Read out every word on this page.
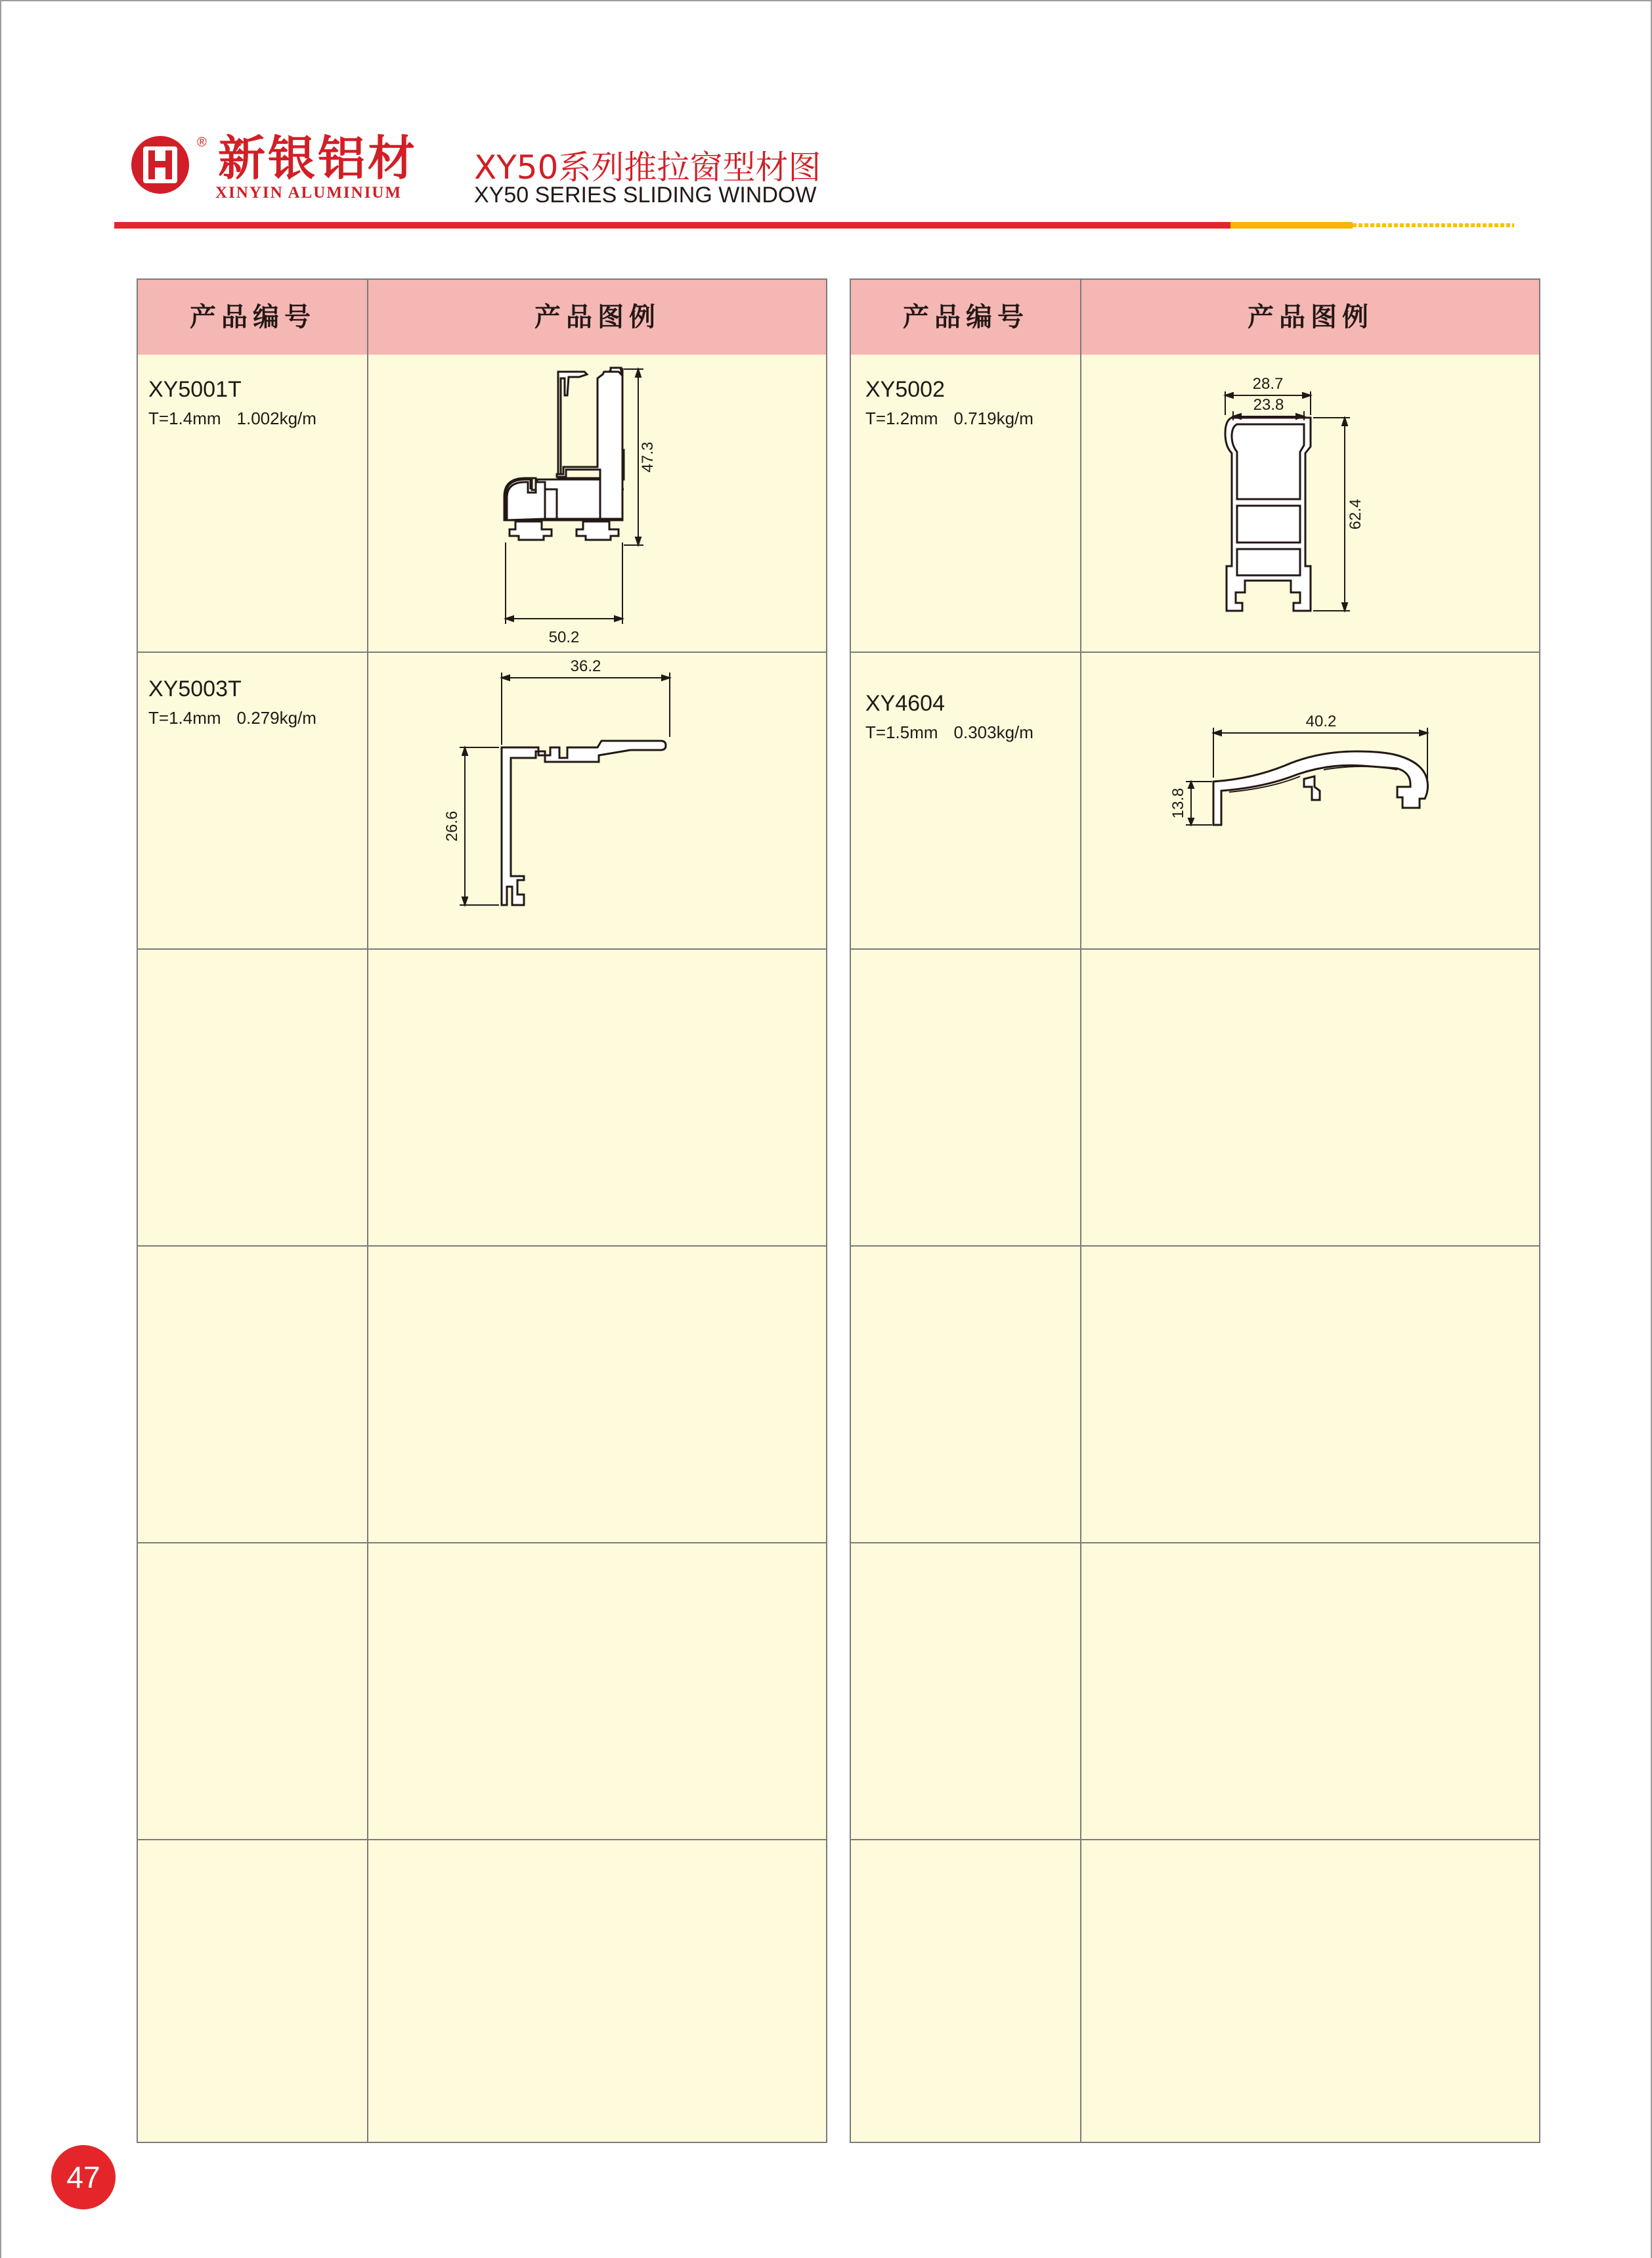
® 新银铝材
XINYIN ALUMINIUM
XY50系列推拉窗型材图
XY50 SERIES SLIDING WINDOW
产品编号	产品图例
XY5001T
T=1.4mm 1.002kg/m
47.3
50.2
XY5003T
T=1.4mm 0.279kg/m
36.2
26.6
产品编号	产品图例
XY5002
T=1.2mm 0.719kg/m
28.7
23.8
62.4
XY4604
T=1.5mm 0.303kg/m
40.2
13.8
47
